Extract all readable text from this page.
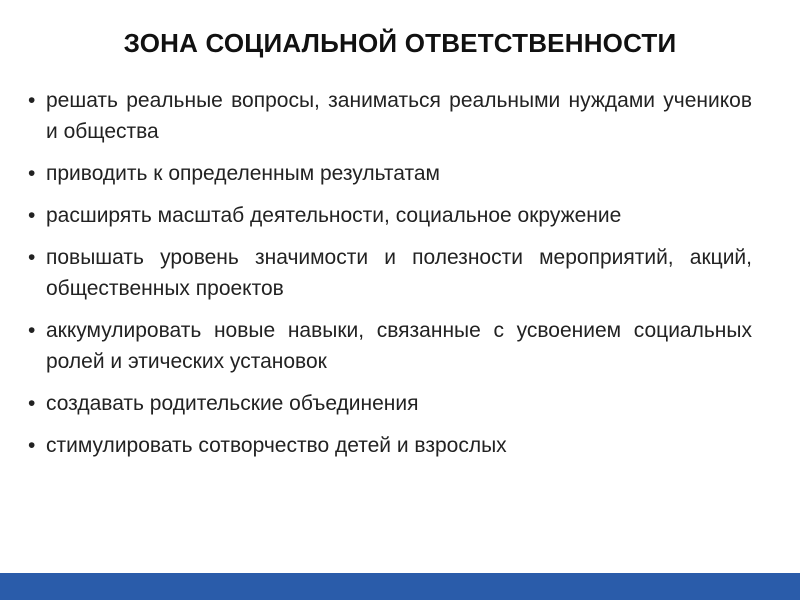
ЗОНА СОЦИАЛЬНОЙ ОТВЕТСТВЕННОСТИ
• решать реальные вопросы, заниматься реальными нуждами учеников и общества
• приводить к определенным результатам
• расширять масштаб деятельности, социальное окружение
• повышать уровень значимости и полезности мероприятий, акций, общественных проектов
• аккумулировать новые навыки, связанные с усвоением социальных ролей и этических установок
• создавать родительские объединения
• стимулировать сотворчество детей и взрослых
